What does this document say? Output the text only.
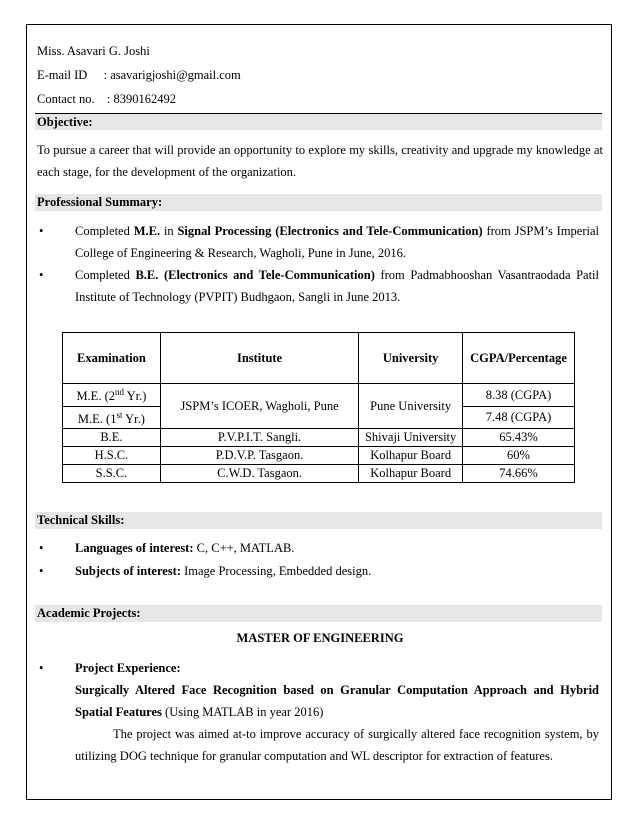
Miss. Asavari G. Joshi
E-mail ID : asavarigjoshi@gmail.com
Contact no. : 8390162492
Objective:
To pursue a career that will provide an opportunity to explore my skills, creativity and upgrade my knowledge at each stage, for the development of the organization.
Professional Summary:
•	Completed M.E. in Signal Processing (Electronics and Tele-Communication) from JSPM’s Imperial College of Engineering & Research, Wagholi, Pune in June, 2016.
•	Completed B.E. (Electronics and Tele-Communication) from Padmabhooshan Vasantraodada Patil Institute of Technology (PVPIT) Budhgaon, Sangli in June 2013.
Examination	Institute	University	CGPA/Percentage
M.E. (2nd Yr.)	JSPM’s ICOER, Wagholi, Pune	Pune University	8.38 (CGPA)
M.E. (1st Yr.)			7.48 (CGPA)
B.E.	P.V.P.I.T. Sangli.	Shivaji University	65.43%
H.S.C.	P.D.V.P. Tasgaon.	Kolhapur Board	60%
S.S.C.	C.W.D. Tasgaon.	Kolhapur Board	74.66%
Technical Skills:
•	Languages of interest: C, C++, MATLAB.
•	Subjects of interest: Image Processing, Embedded design.
Academic Projects:
MASTER OF ENGINEERING
•	Project Experience:
Surgically Altered Face Recognition based on Granular Computation Approach and Hybrid Spatial Features (Using MATLAB in year 2016)
The project was aimed at-to improve accuracy of surgically altered face recognition system, by utilizing DOG technique for granular computation and WL descriptor for extraction of features.
